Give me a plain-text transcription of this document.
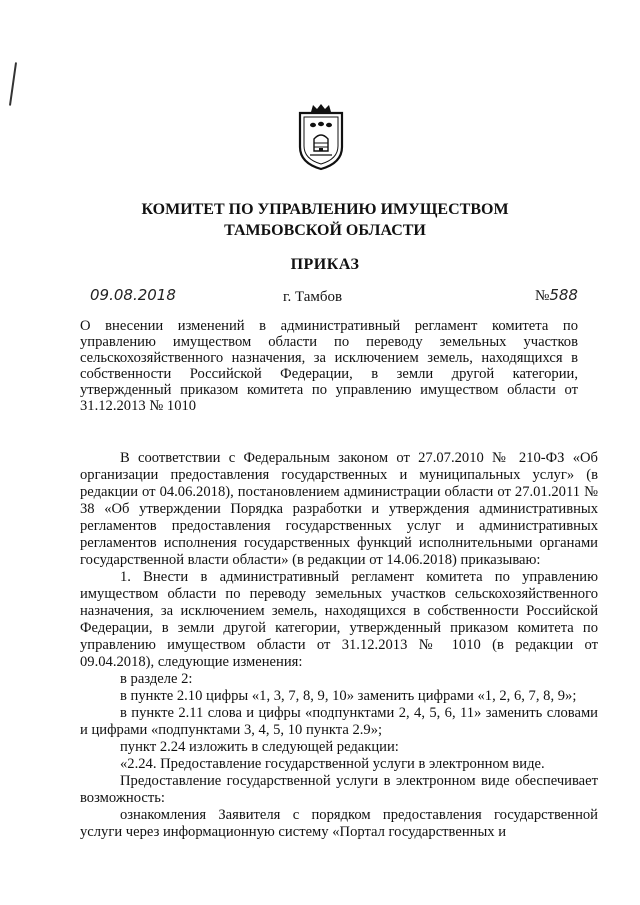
КОМИТЕТ ПО УПРАВЛЕНИЮ ИМУЩЕСТВОМ
ТАМБОВСКОЙ ОБЛАСТИ
ПРИКАЗ
09.08.2018	г. Тамбов	№588

О внесении изменений в административный регламент комитета по управлению имуществом области по переводу земельных участков сельскохозяйственного назначения, за исключением земель, находящихся в собственности Российской Федерации, в земли другой категории, утвержденный приказом комитета по управлению имуществом области от 31.12.2013 № 1010

В соответствии с Федеральным законом от 27.07.2010 № 210-ФЗ «Об организации предоставления государственных и муниципальных услуг» (в редакции от 04.06.2018), постановлением администрации области от 27.01.2011 № 38 «Об утверждении Порядка разработки и утверждения административных регламентов предоставления государственных услуг и административных регламентов исполнения государственных функций исполнительными органами государственной власти области» (в редакции от 14.06.2018) приказываю:

1. Внести в административный регламент комитета по управлению имуществом области по переводу земельных участков сельскохозяйственного назначения, за исключением земель, находящихся в собственности Российской Федерации, в земли другой категории, утвержденный приказом комитета по управлению имуществом области от 31.12.2013 № 1010 (в редакции от 09.04.2018), следующие изменения:

в разделе 2:

в пункте 2.10 цифры «1, 3, 7, 8, 9, 10» заменить цифрами «1, 2, 6, 7, 8, 9»;

в пункте 2.11 слова и цифры «подпунктами 2, 4, 5, 6, 11» заменить словами и цифрами «подпунктами 3, 4, 5, 10 пункта 2.9»;

пункт 2.24 изложить в следующей редакции:

«2.24. Предоставление государственной услуги в электронном виде.

Предоставление государственной услуги в электронном виде обеспечивает возможность:

ознакомления Заявителя с порядком предоставления государственной услуги через информационную систему «Портал государственных и
